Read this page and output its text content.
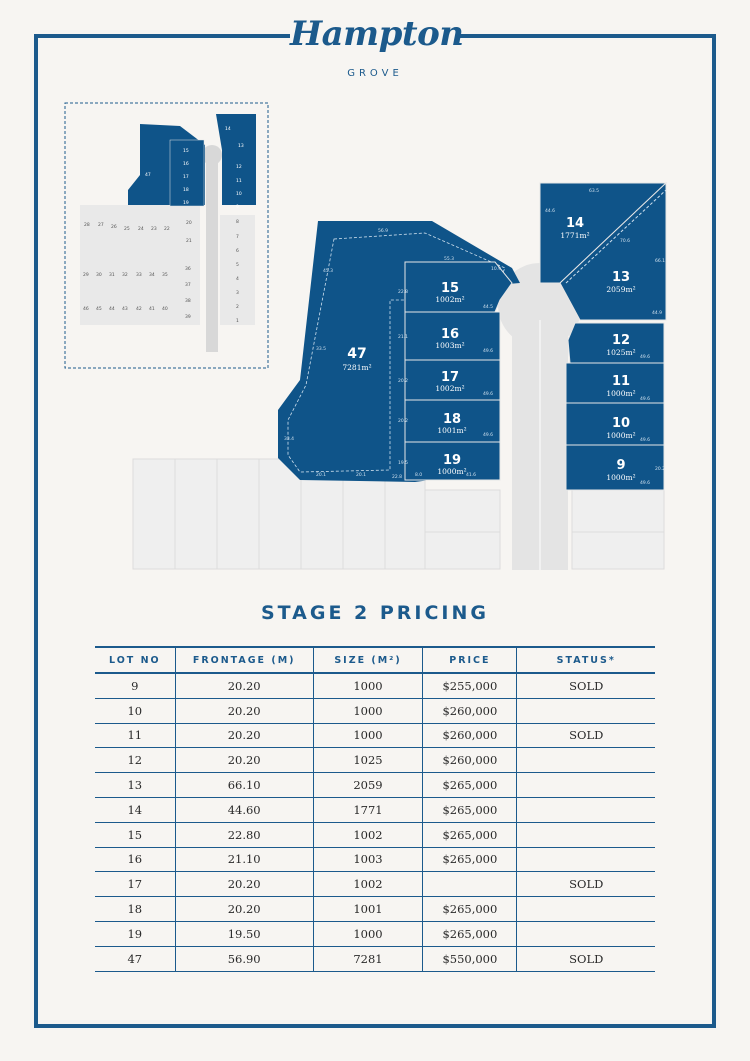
Hampton
GROVE
47
7281m²
15
1002m²
16
1003m²
17
1002m²
18
1001m²
19
1000m²
14
1771m²
13
2059m²
12
1025m²
11
1000m²
10
1000m²
9
1000m²
56.9
45.3
33.5
33.4
20.1	20.1	22.8
55.3
10.9
22.8
44.5
21.1
49.6
20.2
49.6
20.2
49.6
19.5
41.6
8.0
63.5
44.6
70.6
66.1
44.9
49.6
49.6
49.6
49.6
20.2
14
13
15
12
16
11
17
10
18
9
19
47
8
28 27 26 25 24 23 22
21
20
7
6
5
4
3
2
1
29 30 31 32 33 34 35
36
37
38
39
46 45 44 43 42 41 40
STAGE 2 PRICING
LOT NO	FRONTAGE (M)	SIZE (M²)	PRICE	STATUS*
9	20.20	1000	$255,000	SOLD
10	20.20	1000	$260,000	
11	20.20	1000	$260,000	SOLD
12	20.20	1025	$260,000	
13	66.10	2059	$265,000	
14	44.60	1771	$265,000	
15	22.80	1002	$265,000	
16	21.10	1003	$265,000	
17	20.20	1002		SOLD
18	20.20	1001	$265,000	
19	19.50	1000	$265,000	
47	56.90	7281	$550,000	SOLD
